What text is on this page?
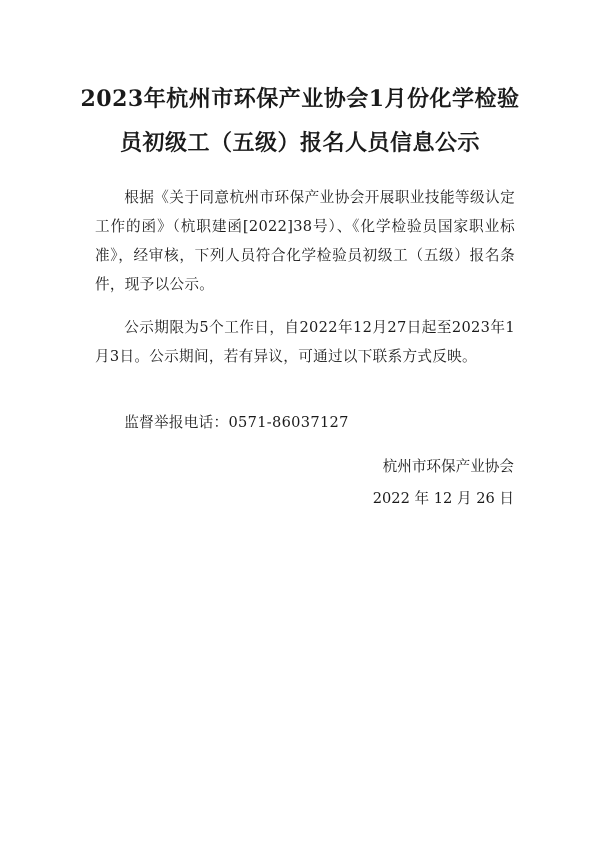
2023年杭州市环保产业协会1月份化学检验
员初级工（五级）报名人员信息公示

根据《关于同意杭州市环保产业协会开展职业技能等级认定工作的函》（杭职建函[2022]38号）、《化学检验员国家职业标准》，经审核，下列人员符合化学检验员初级工（五级）报名条件，现予以公示。

公示期限为5个工作日，自2022年12月27日起至2023年1月3日。公示期间，若有异议，可通过以下联系方式反映。

监督举报电话：0571-86037127

杭州市环保产业协会
2022 年 12 月 26 日
